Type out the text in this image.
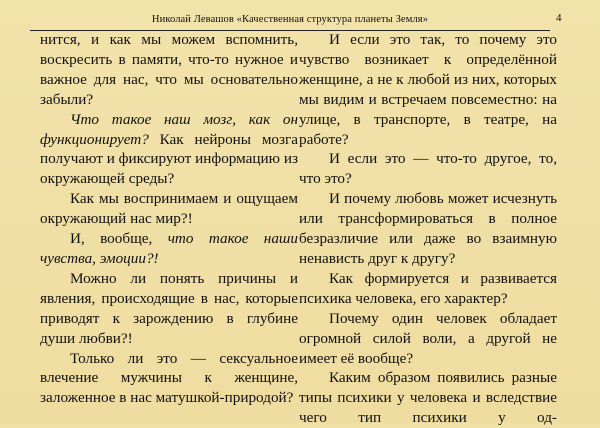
Николай Левашов «Качественная структура планеты Земля»	4

нится, и как мы можем вспомнить, воскресить в памяти, что-то нужное и важное для нас, что мы основательно забыли?

Что такое наш мозг, как он функционирует? Как нейроны мозга получают и фиксируют информацию из окружающей среды?

Как мы воспринимаем и ощущаем окружающий нас мир?!

И, вообще, что такое наши чувства, эмоции?!

Можно ли понять причины и явления, происходящие в нас, которые приводят к зарождению в глубине души любви?!

Только ли это — сексуальное влечение мужчины к женщине, заложенное в нас матушкой-природой?

И если это так, то почему это чувство возникает к определённой женщине, а не к любой из них, которых мы видим и встречаем повсеместно: на улице, в транспорте, в театре, на работе?

И если это — что-то другое, то, что это?

И почему любовь может исчезнуть или трансформироваться в полное безразличие или даже во взаимную ненависть друг к другу?

Как формируется и развивается психика человека, его характер?

Почему один человек обладает огромной силой воли, а другой не имеет её вообще?

Каким образом появились разные типы психики у человека и вследствие чего тип психики у од-
